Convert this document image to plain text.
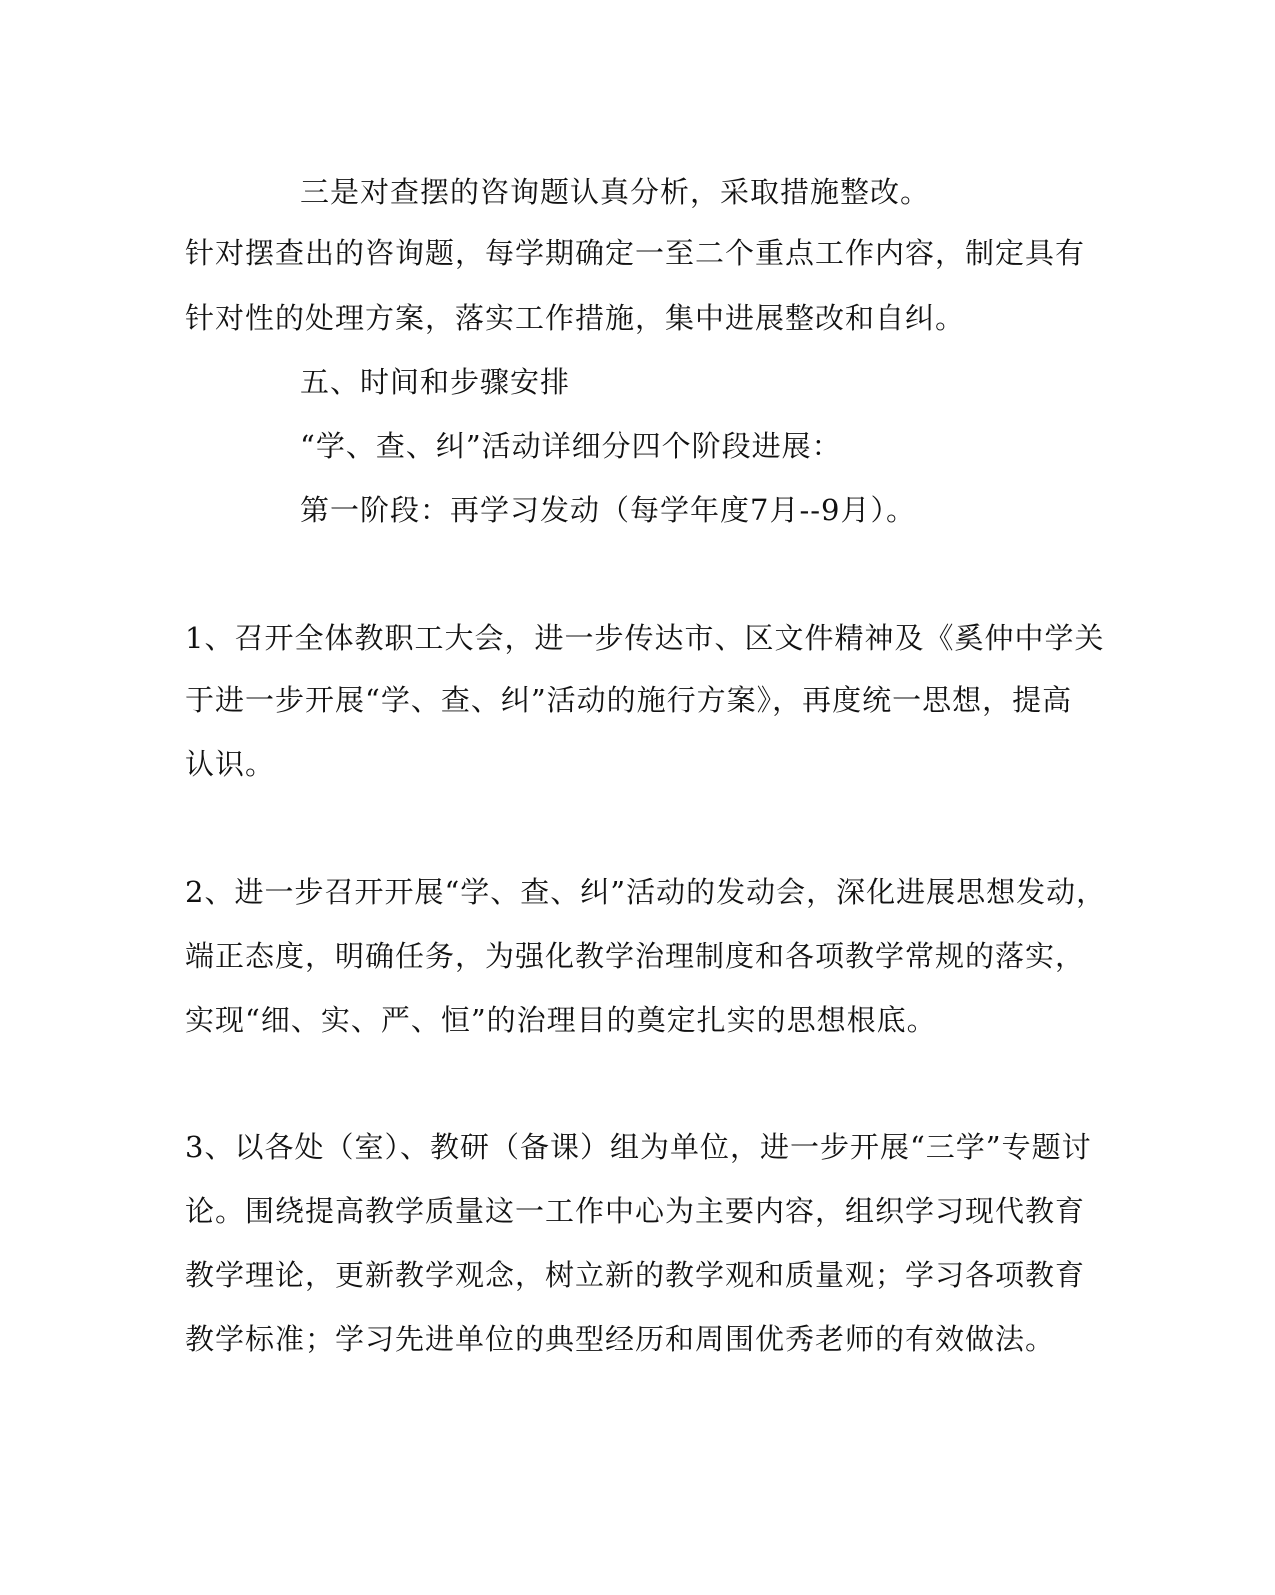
三是对查摆的咨询题认真分析，采取措施整改。
针对摆查出的咨询题，每学期确定一至二个重点工作内容，制定具有
针对性的处理方案，落实工作措施，集中进展整改和自纠。
五、时间和步骤安排
“学、查、纠”活动详细分四个阶段进展：
第一阶段：再学习发动（每学年度7月--9月）。
1、召开全体教职工大会，进一步传达市、区文件精神及《奚仲中学关
于进一步开展“学、查、纠”活动的施行方案》，再度统一思想，提高
认识。
2、进一步召开开展“学、查、纠”活动的发动会，深化进展思想发动，
端正态度，明确任务，为强化教学治理制度和各项教学常规的落实，
实现“细、实、严、恒”的治理目的奠定扎实的思想根底。
3、以各处（室）、教研（备课）组为单位，进一步开展“三学”专题讨
论。围绕提高教学质量这一工作中心为主要内容，组织学习现代教育
教学理论，更新教学观念，树立新的教学观和质量观；学习各项教育
教学标准；学习先进单位的典型经历和周围优秀老师的有效做法。
